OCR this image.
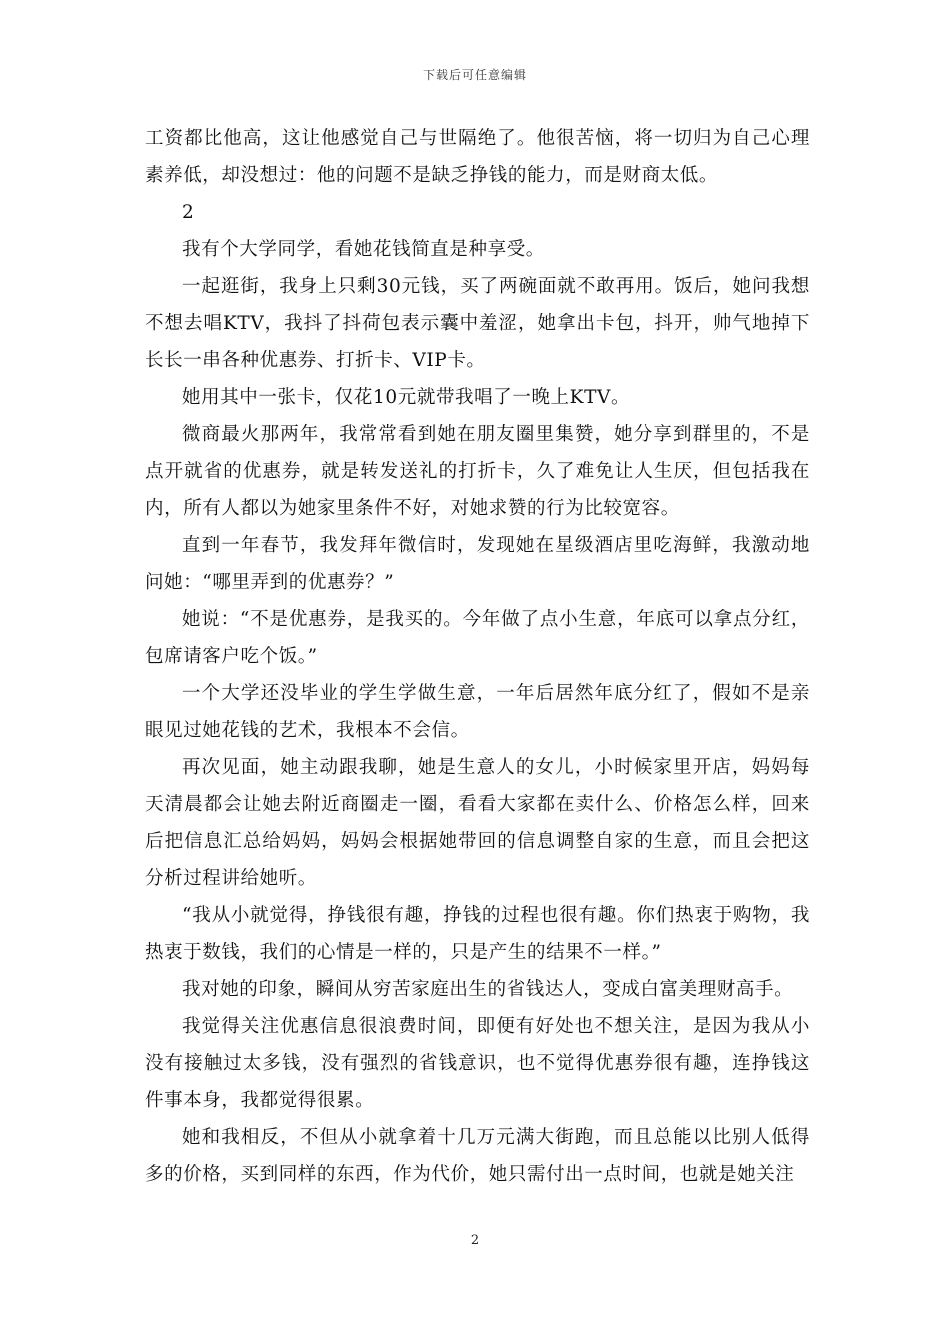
下载后可任意编辑

工资都比他高，这让他感觉自己与世隔绝了。他很苦恼，将一切归为自己心理素养低，却没想过：他的问题不是缺乏挣钱的能力，而是财商太低。

2

我有个大学同学，看她花钱简直是种享受。

一起逛街，我身上只剩30元钱，买了两碗面就不敢再用。饭后，她问我想不想去唱KTV，我抖了抖荷包表示囊中羞涩，她拿出卡包，抖开，帅气地掉下长长一串各种优惠券、打折卡、VIP卡。

她用其中一张卡，仅花10元就带我唱了一晚上KTV。

微商最火那两年，我常常看到她在朋友圈里集赞，她分享到群里的，不是点开就省的优惠券，就是转发送礼的打折卡，久了难免让人生厌，但包括我在内，所有人都以为她家里条件不好，对她求赞的行为比较宽容。

直到一年春节，我发拜年微信时，发现她在星级酒店里吃海鲜，我激动地问她：“哪里弄到的优惠券？”

她说：“不是优惠券，是我买的。今年做了点小生意，年底可以拿点分红，包席请客户吃个饭。”

一个大学还没毕业的学生学做生意，一年后居然年底分红了，假如不是亲眼见过她花钱的艺术，我根本不会信。

再次见面，她主动跟我聊，她是生意人的女儿，小时候家里开店，妈妈每天清晨都会让她去附近商圈走一圈，看看大家都在卖什么、价格怎么样，回来后把信息汇总给妈妈，妈妈会根据她带回的信息调整自家的生意，而且会把这分析过程讲给她听。

“我从小就觉得，挣钱很有趣，挣钱的过程也很有趣。你们热衷于购物，我热衷于数钱，我们的心情是一样的，只是产生的结果不一样。”

我对她的印象，瞬间从穷苦家庭出生的省钱达人，变成白富美理财高手。

我觉得关注优惠信息很浪费时间，即便有好处也不想关注，是因为我从小没有接触过太多钱，没有强烈的省钱意识，也不觉得优惠券很有趣，连挣钱这件事本身，我都觉得很累。

她和我相反，不但从小就拿着十几万元满大街跑，而且总能以比别人低得多的价格，买到同样的东西，作为代价，她只需付出一点时间，也就是她关注

2
